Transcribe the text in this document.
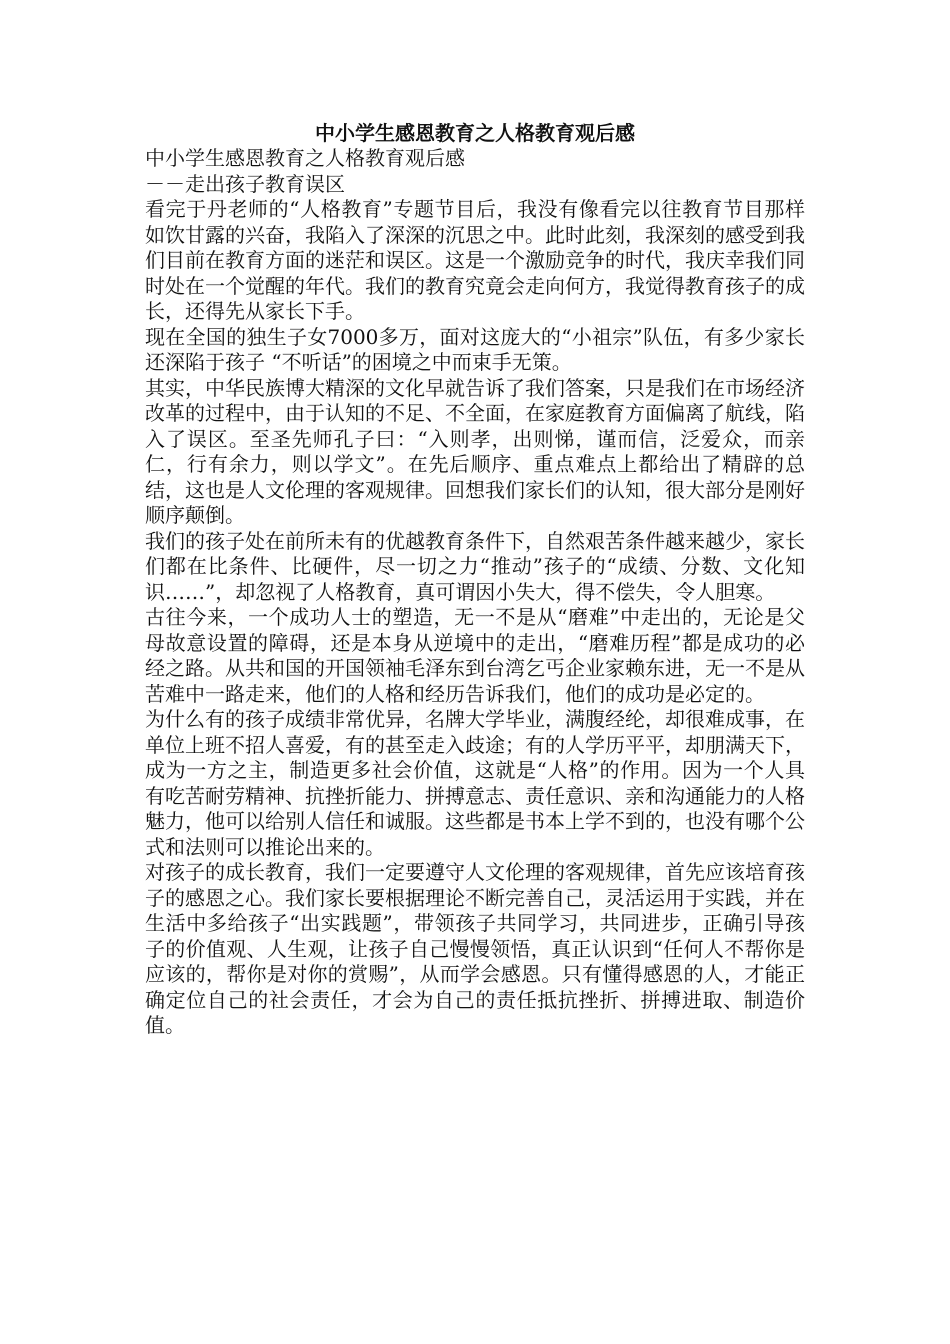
中小学生感恩教育之人格教育观后感
中小学生感恩教育之人格教育观后感
－－走出孩子教育误区

看完于丹老师的“人格教育”专题节目后，我没有像看完以往教育节目那样如饮甘露的兴奋，我陷入了深深的沉思之中。此时此刻，我深刻的感受到我们目前在教育方面的迷茫和误区。这是一个激励竞争的时代，我庆幸我们同时处在一个觉醒的年代。我们的教育究竟会走向何方，我觉得教育孩子的成长，还得先从家长下手。

现在全国的独生子女7000多万，面对这庞大的“小祖宗”队伍，有多少家长还深陷于孩子 “不听话”的困境之中而束手无策。

其实，中华民族博大精深的文化早就告诉了我们答案，只是我们在市场经济改革的过程中，由于认知的不足、不全面，在家庭教育方面偏离了航线，陷入了误区。至圣先师孔子曰：“入则孝，出则悌，谨而信，泛爱众，而亲仁，行有余力，则以学文”。在先后顺序、重点难点上都给出了精辟的总结，这也是人文伦理的客观规律。回想我们家长们的认知，很大部分是刚好顺序颠倒。

我们的孩子处在前所未有的优越教育条件下，自然艰苦条件越来越少，家长们都在比条件、比硬件，尽一切之力“推动”孩子的“成绩、分数、文化知识……”，却忽视了人格教育，真可谓因小失大，得不偿失，令人胆寒。

古往今来，一个成功人士的塑造，无一不是从“磨难”中走出的，无论是父母故意设置的障碍，还是本身从逆境中的走出，“磨难历程”都是成功的必经之路。从共和国的开国领袖毛泽东到台湾乞丐企业家赖东进，无一不是从苦难中一路走来，他们的人格和经历告诉我们，他们的成功是必定的。

为什么有的孩子成绩非常优异，名牌大学毕业，满腹经纶，却很难成事，在单位上班不招人喜爱，有的甚至走入歧途；有的人学历平平，却朋满天下，成为一方之主，制造更多社会价值，这就是“人格”的作用。因为一个人具有吃苦耐劳精神、抗挫折能力、拼搏意志、责任意识、亲和沟通能力的人格魅力，他可以给别人信任和诚服。这些都是书本上学不到的，也没有哪个公式和法则可以推论出来的。

对孩子的成长教育，我们一定要遵守人文伦理的客观规律，首先应该培育孩子的感恩之心。我们家长要根据理论不断完善自己，灵活运用于实践，并在生活中多给孩子“出实践题”，带领孩子共同学习，共同进步，正确引导孩子的价值观、人生观，让孩子自己慢慢领悟，真正认识到“任何人不帮你是应该的，帮你是对你的赏赐”，从而学会感恩。只有懂得感恩的人，才能正确定位自己的社会责任，才会为自己的责任抵抗挫折、拼搏进取、制造价值。
